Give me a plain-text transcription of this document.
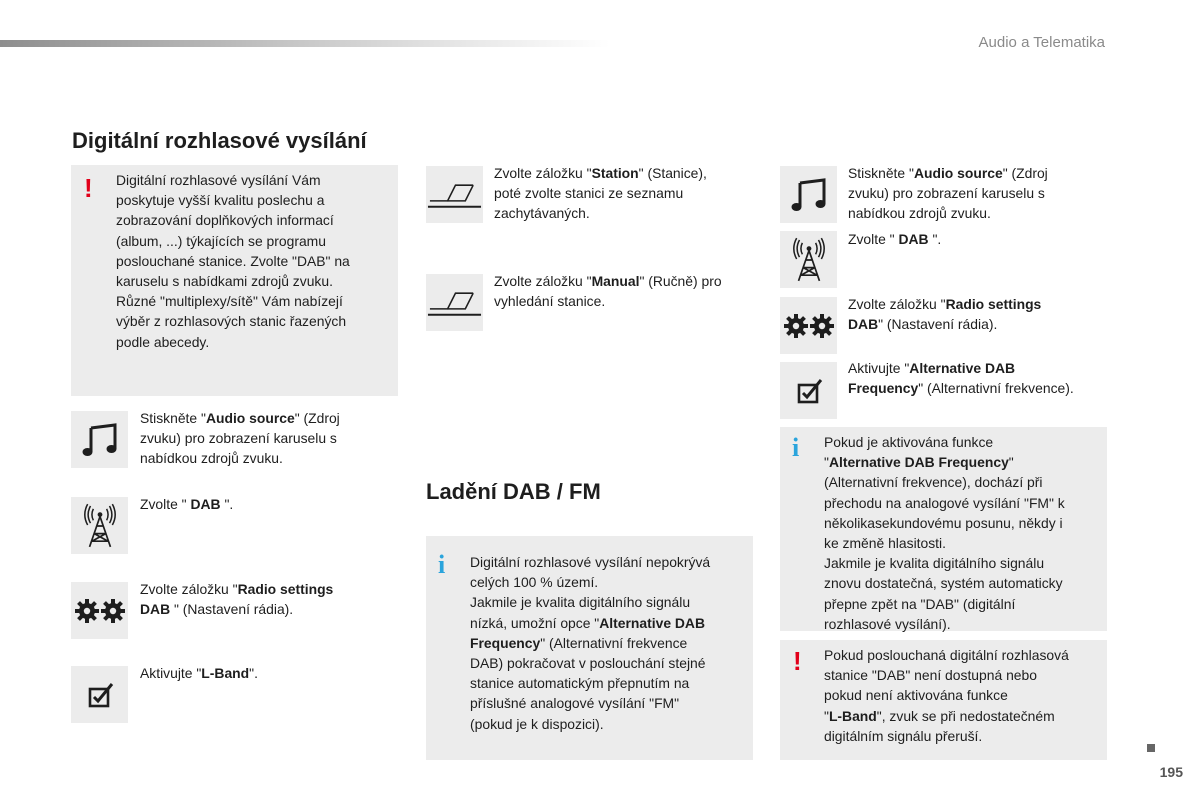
Audio a Telematika
Digitální rozhlasové vysílání
! Digitální rozhlasové vysílání Vám
poskytuje vyšší kvalitu poslechu a
zobrazování doplňkových informací
(album, ...) týkajících se programu
poslouchané stanice. Zvolte "DAB" na
karuselu s nabídkami zdrojů zvuku.
Různé "multiplexy/sítě" Vám nabízejí
výběr z rozhlasových stanic řazených
podle abecedy.
Stiskněte "Audio source" (Zdroj
zvuku) pro zobrazení karuselu s
nabídkou zdrojů zvuku.
Zvolte " DAB ".
Zvolte záložku "Radio settings
DAB " (Nastavení rádia).
Aktivujte "L-Band".
Zvolte záložku "Station" (Stanice),
poté zvolte stanici ze seznamu
zachytávaných.
Zvolte záložku "Manual" (Ručně) pro
vyhledání stanice.
Ladění DAB / FM
i Digitální rozhlasové vysílání nepokrývá
celých 100 % území.
Jakmile je kvalita digitálního signálu
nízká, umožní opce "Alternative DAB
Frequency" (Alternativní frekvence
DAB) pokračovat v poslouchání stejné
stanice automatickým přepnutím na
příslušné analogové vysílání "FM"
(pokud je k dispozici).
Stiskněte "Audio source" (Zdroj
zvuku) pro zobrazení karuselu s
nabídkou zdrojů zvuku.
Zvolte " DAB ".
Zvolte záložku "Radio settings
DAB" (Nastavení rádia).
Aktivujte "Alternative DAB
Frequency" (Alternativní frekvence).
i Pokud je aktivována funkce
"Alternative DAB Frequency"
(Alternativní frekvence), dochází při
přechodu na analogové vysílání "FM" k
několikasekundovému posunu, někdy i
ke změně hlasitosti.
Jakmile je kvalita digitálního signálu
znovu dostatečná, systém automaticky
přepne zpět na "DAB" (digitální
rozhlasové vysílání).
! Pokud poslouchaná digitální rozhlasová
stanice "DAB" není dostupná nebo
pokud není aktivována funkce
"L-Band", zvuk se při nedostatečném
digitálním signálu přeruší.
195
